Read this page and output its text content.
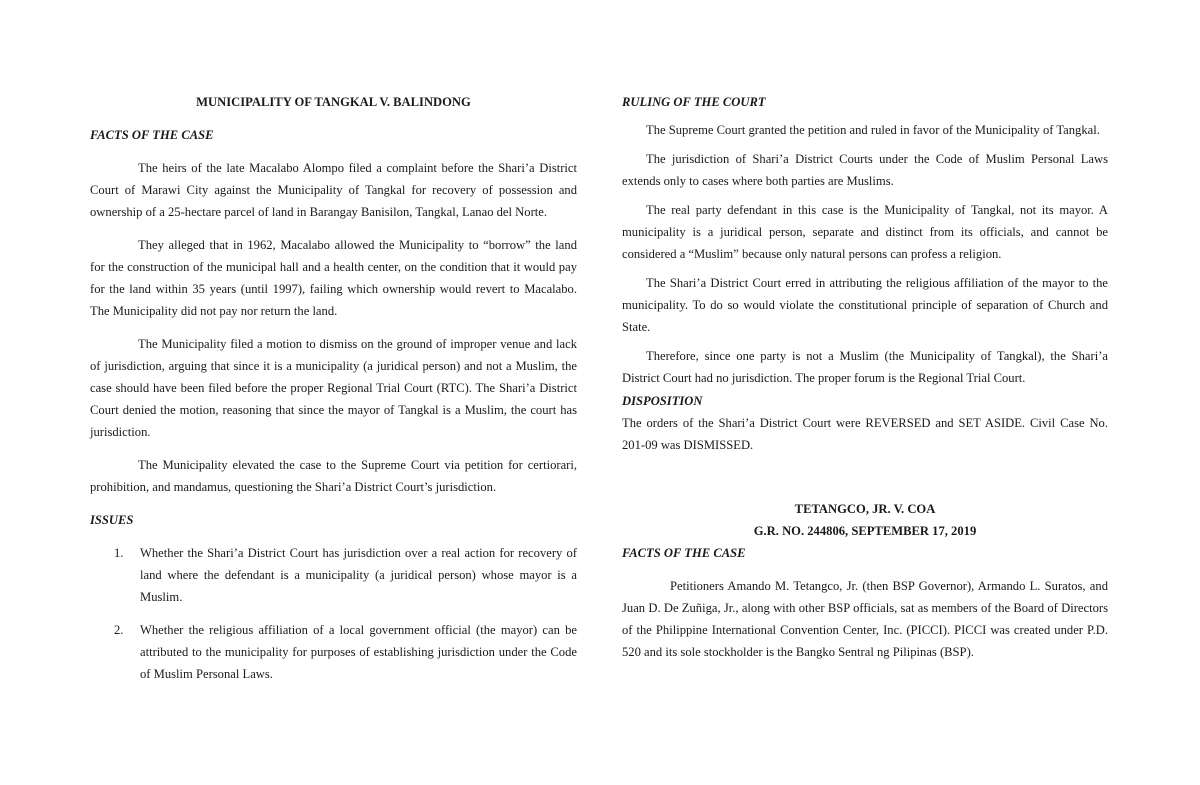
MUNICIPALITY OF TANGKAL V. BALINDONG

FACTS OF THE CASE

The heirs of the late Macalabo Alompo filed a complaint before the Shari’a District Court of Marawi City against the Municipality of Tangkal for recovery of possession and ownership of a 25-hectare parcel of land in Barangay Banisilon, Tangkal, Lanao del Norte.

They alleged that in 1962, Macalabo allowed the Municipality to “borrow” the land for the construction of the municipal hall and a health center, on the condition that it would pay for the land within 35 years (until 1997), failing which ownership would revert to Macalabo. The Municipality did not pay nor return the land.

The Municipality filed a motion to dismiss on the ground of improper venue and lack of jurisdiction, arguing that since it is a municipality (a juridical person) and not a Muslim, the case should have been filed before the proper Regional Trial Court (RTC). The Shari’a District Court denied the motion, reasoning that since the mayor of Tangkal is a Muslim, the court has jurisdiction.

The Municipality elevated the case to the Supreme Court via petition for certiorari, prohibition, and mandamus, questioning the Shari’a District Court’s jurisdiction.

ISSUES

1. Whether the Shari’a District Court has jurisdiction over a real action for recovery of land where the defendant is a municipality (a juridical person) whose mayor is a Muslim.
2. Whether the religious affiliation of a local government official (the mayor) can be attributed to the municipality for purposes of establishing jurisdiction under the Code of Muslim Personal Laws.

RULING OF THE COURT

The Supreme Court granted the petition and ruled in favor of the Municipality of Tangkal.

The jurisdiction of Shari’a District Courts under the Code of Muslim Personal Laws extends only to cases where both parties are Muslims.

The real party defendant in this case is the Municipality of Tangkal, not its mayor. A municipality is a juridical person, separate and distinct from its officials, and cannot be considered a “Muslim” because only natural persons can profess a religion.

The Shari’a District Court erred in attributing the religious affiliation of the mayor to the municipality. To do so would violate the constitutional principle of separation of Church and State.

Therefore, since one party is not a Muslim (the Municipality of Tangkal), the Shari’a District Court had no jurisdiction. The proper forum is the Regional Trial Court.

DISPOSITION

The orders of the Shari’a District Court were REVERSED and SET ASIDE. Civil Case No. 201-09 was DISMISSED.

TETANGCO, JR. V. COA

G.R. NO. 244806, SEPTEMBER 17, 2019

FACTS OF THE CASE

Petitioners Amando M. Tetangco, Jr. (then BSP Governor), Armando L. Suratos, and Juan D. De Zuñiga, Jr., along with other BSP officials, sat as members of the Board of Directors of the Philippine International Convention Center, Inc. (PICCI). PICCI was created under P.D. 520 and its sole stockholder is the Bangko Sentral ng Pilipinas (BSP).
